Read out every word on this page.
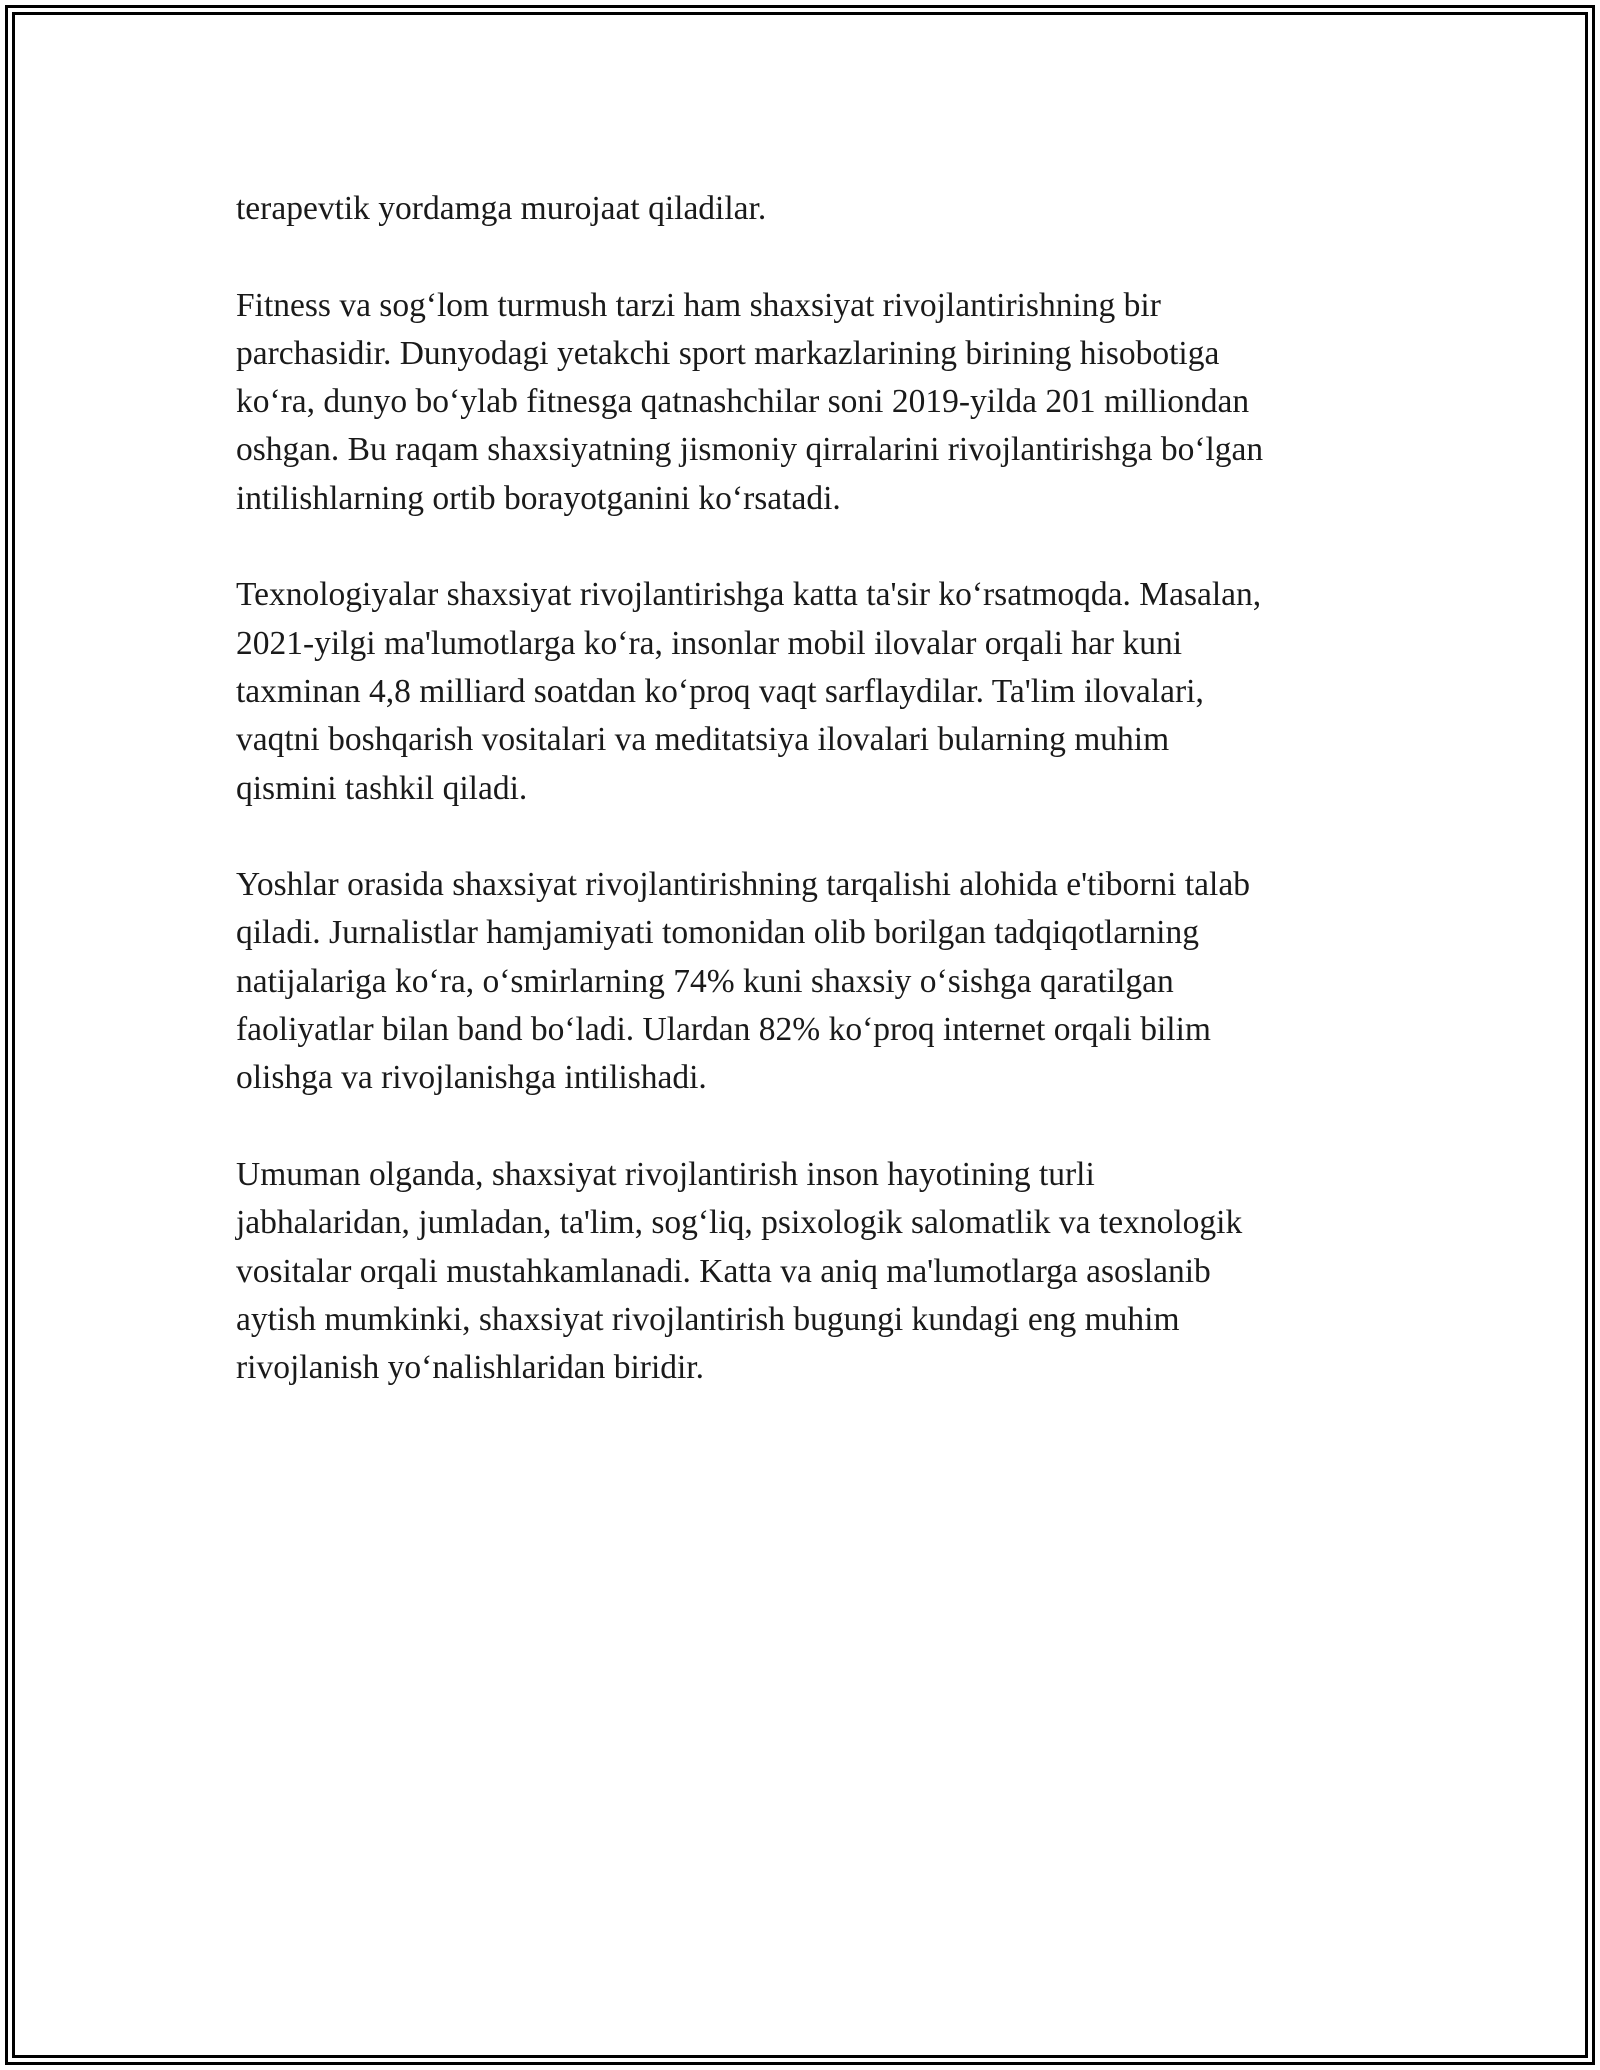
terapevtik yordamga murojaat qiladilar.

Fitness va sog‘lom turmush tarzi ham shaxsiyat rivojlantirishning bir
parchasidir. Dunyodagi yetakchi sport markazlarining birining hisobotiga
ko‘ra, dunyo bo‘ylab fitnesga qatnashchilar soni 2019-yilda 201 milliondan
oshgan. Bu raqam shaxsiyatning jismoniy qirralarini rivojlantirishga bo‘lgan
intilishlarning ortib borayotganini ko‘rsatadi.

Texnologiyalar shaxsiyat rivojlantirishga katta ta'sir ko‘rsatmoqda. Masalan,
2021-yilgi ma'lumotlarga ko‘ra, insonlar mobil ilovalar orqali har kuni
taxminan 4,8 milliard soatdan ko‘proq vaqt sarflaydilar. Ta'lim ilovalari,
vaqtni boshqarish vositalari va meditatsiya ilovalari bularning muhim
qismini tashkil qiladi.

Yoshlar orasida shaxsiyat rivojlantirishning tarqalishi alohida e'tiborni talab
qiladi. Jurnalistlar hamjamiyati tomonidan olib borilgan tadqiqotlarning
natijalariga ko‘ra, o‘smirlarning 74% kuni shaxsiy o‘sishga qaratilgan
faoliyatlar bilan band bo‘ladi. Ulardan 82% ko‘proq internet orqali bilim
olishga va rivojlanishga intilishadi.

Umuman olganda, shaxsiyat rivojlantirish inson hayotining turli
jabhalaridan, jumladan, ta'lim, sog‘liq, psixologik salomatlik va texnologik
vositalar orqali mustahkamlanadi. Katta va aniq ma'lumotlarga asoslanib
aytish mumkinki, shaxsiyat rivojlantirish bugungi kundagi eng muhim
rivojlanish yo‘nalishlaridan biridir.
